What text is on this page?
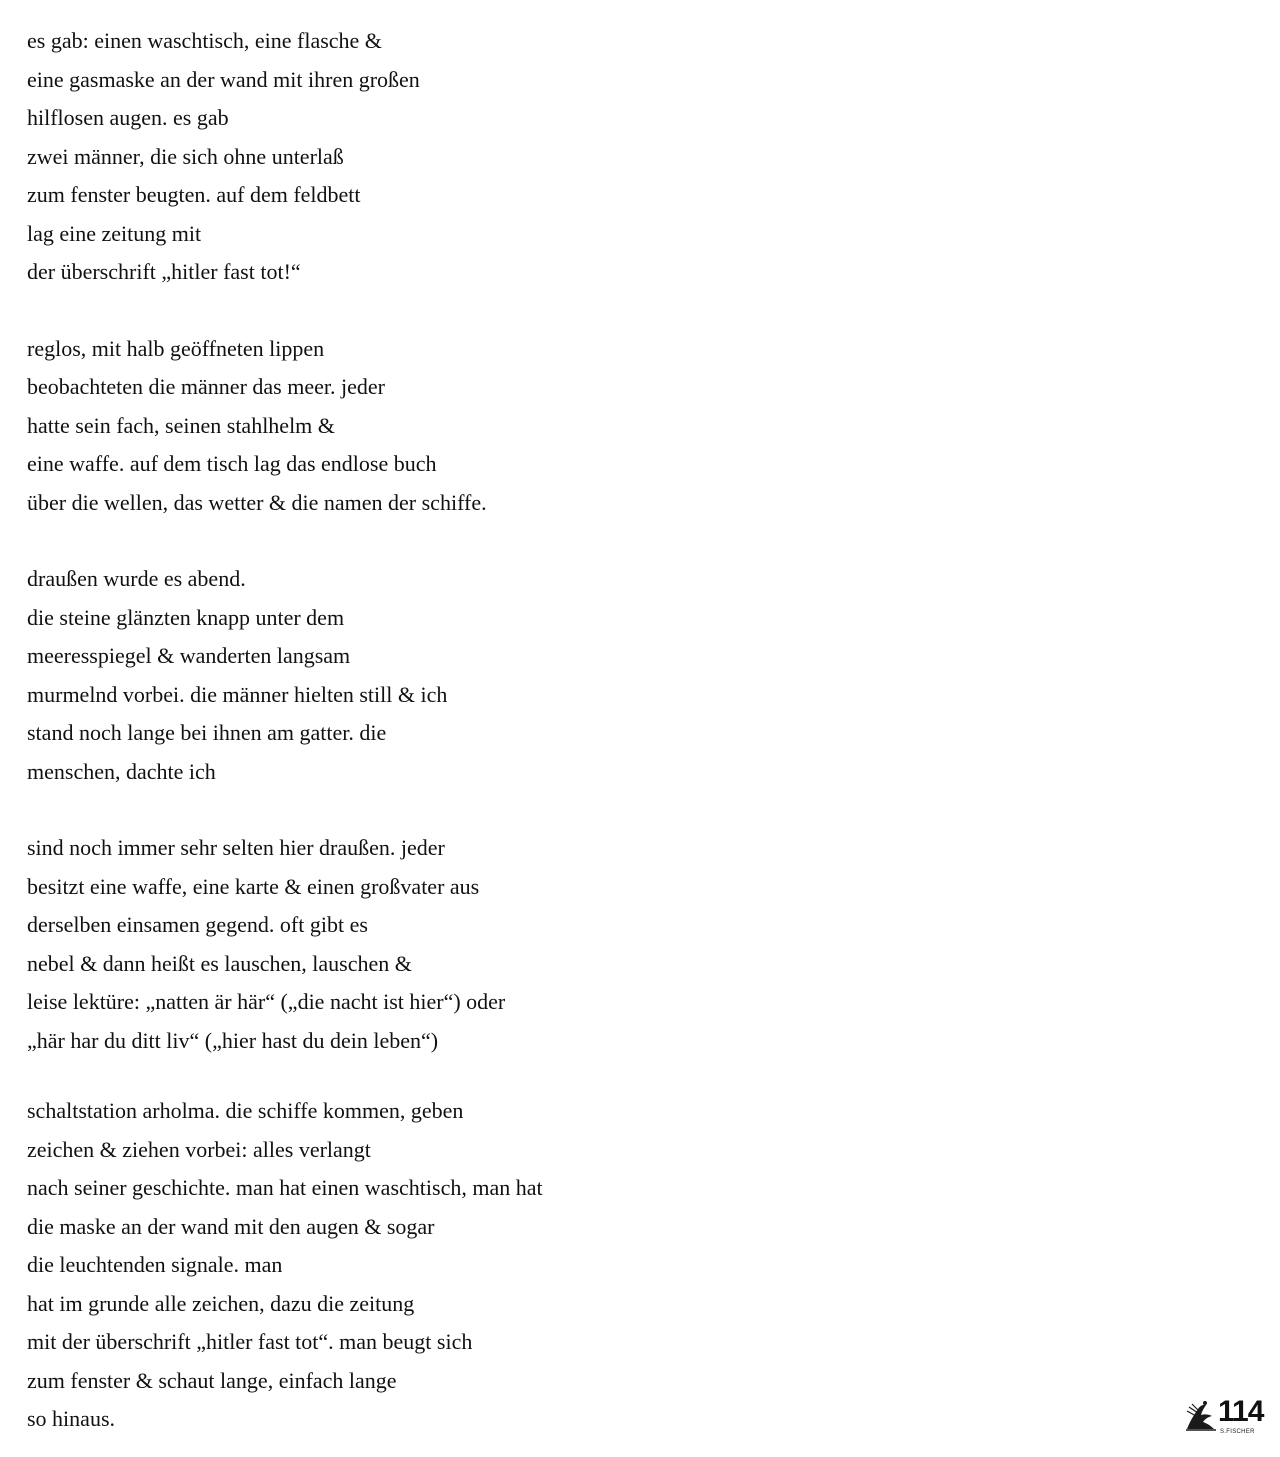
es gab: einen waschtisch, eine flasche &
eine gasmaske an der wand mit ihren großen
hilflosen augen. es gab
zwei männer, die sich ohne unterlaß
zum fenster beugten. auf dem feldbett
lag eine zeitung mit
der überschrift „hitler fast tot!“
reglos, mit halb geöffneten lippen
beobachteten die männer das meer. jeder
hatte sein fach, seinen stahlhelm &
eine waffe. auf dem tisch lag das endlose buch
über die wellen, das wetter & die namen der schiffe.
draußen wurde es abend.
die steine glänzten knapp unter dem
meeresspiegel & wanderten langsam
murmelnd vorbei. die männer hielten still & ich
stand noch lange bei ihnen am gatter. die
menschen, dachte ich
sind noch immer sehr selten hier draußen. jeder
besitzt eine waffe, eine karte & einen großvater aus
derselben einsamen gegend. oft gibt es
nebel & dann heißt es lauschen, lauschen &
leise lektüre: „natten är här“ („die nacht ist hier“) oder
„här har du ditt liv“ („hier hast du dein leben“)
schaltstation arholma. die schiffe kommen, geben
zeichen & ziehen vorbei: alles verlangt
nach seiner geschichte. man hat einen waschtisch, man hat
die maske an der wand mit den augen & sogar
die leuchtenden signale. man
hat im grunde alle zeichen, dazu die zeitung
mit der überschrift „hitler fast tot“. man beugt sich
zum fenster & schaut lange, einfach lange
so hinaus.	114
S.FISCHER
